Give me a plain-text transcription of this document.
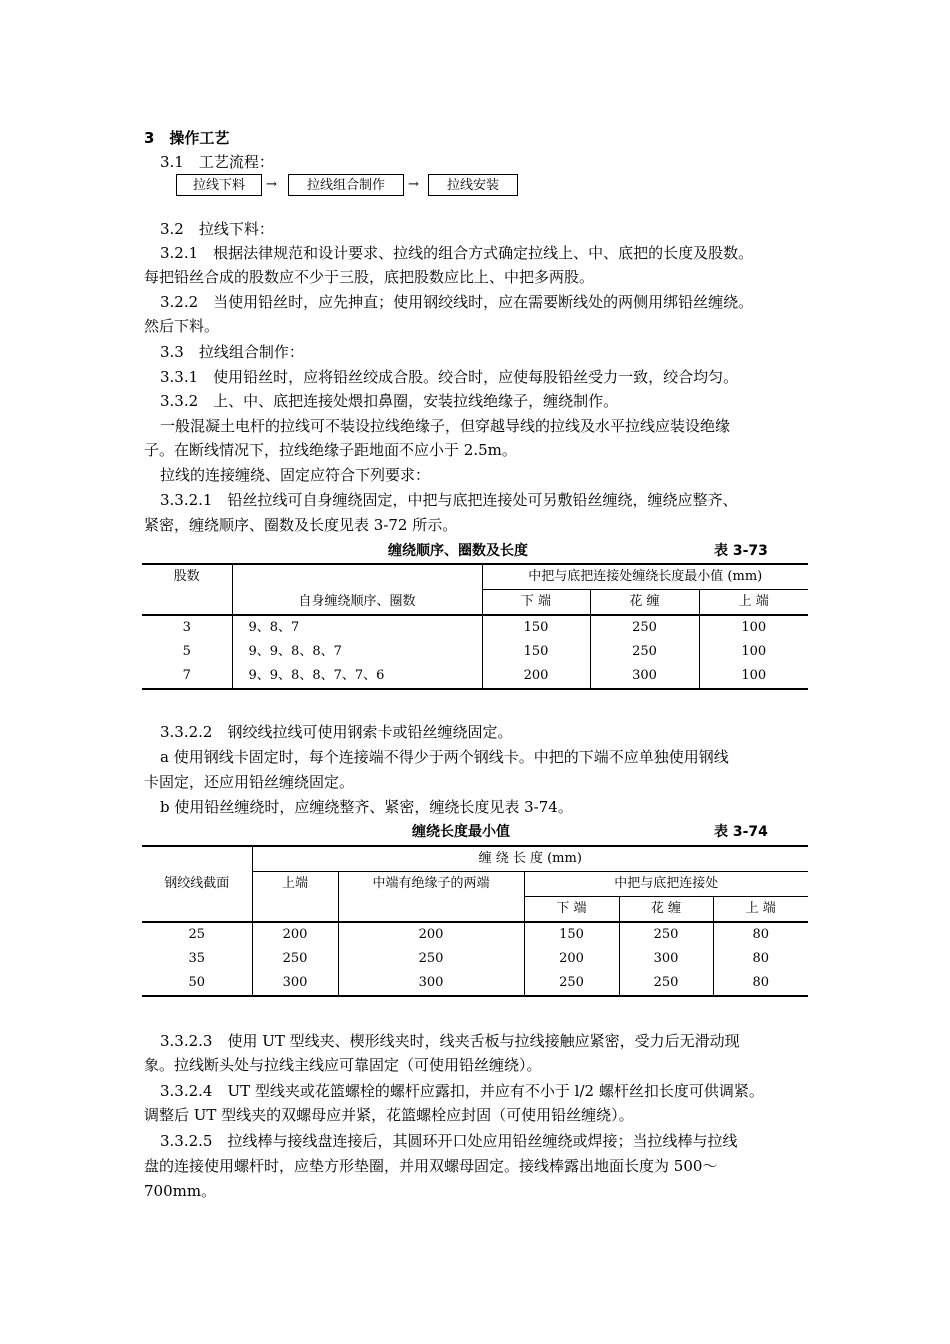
3　操作工艺
3.1　工艺流程：
拉线下料	→	拉线组合制作	→	拉线安装
3.2　拉线下料：
3.2.1　根据法律规范和设计要求、拉线的组合方式确定拉线上、中、底把的长度及股数。
每把铅丝合成的股数应不少于三股，底把股数应比上、中把多两股。
3.2.2　当使用铅丝时，应先抻直；使用钢绞线时，应在需要断线处的两侧用绑铅丝缠绕。
然后下料。
3.3　拉线组合制作：
3.3.1　使用铅丝时，应将铅丝绞成合股。绞合时，应使每股铅丝受力一致，绞合均匀。
3.3.2　上、中、底把连接处煨扣鼻圈，安装拉线绝缘子，缠绕制作。
一般混凝土电杆的拉线可不装设拉线绝缘子，但穿越导线的拉线及水平拉线应装设绝缘
子。在断线情况下，拉线绝缘子距地面不应小于 2.5m。
拉线的连接缠绕、固定应符合下列要求：
3.3.2.1　铅丝拉线可自身缠绕固定，中把与底把连接处可另敷铅丝缠绕，缠绕应整齐、
紧密，缠绕顺序、圈数及长度见表 3-72 所示。
缠绕顺序、圈数及长度	表 3-73
股数	自身缠绕顺序、圈数	中把与底把连接处缠绕长度最小值 (mm)		
		下 端	花 缠	上 端
3	9、8、7	150	250	100
5	9、9、8、8、7	150	250	100
7	9、9、8、8、7、7、6	200	300	100
3.3.2.2　钢绞线拉线可使用钢索卡或铅丝缠绕固定。
a 使用钢线卡固定时，每个连接端不得少于两个钢线卡。中把的下端不应单独使用钢线
卡固定，还应用铅丝缠绕固定。
b 使用铅丝缠绕时，应缠绕整齐、紧密，缠绕长度见表 3-74。
缠绕长度最小值	表 3-74
钢绞线截面	缠 绕 长 度 (mm)				
	上端	中端有绝缘子的两端	中把与底把连接处		
			下 端	花 缠	上 端
25	200	200	150	250	80
35	250	250	200	300	80
50	300	300	250	250	80
3.3.2.3　使用 UT 型线夹、楔形线夹时，线夹舌板与拉线接触应紧密，受力后无滑动现
象。拉线断头处与拉线主线应可靠固定（可使用铅丝缠绕）。
3.3.2.4　UT 型线夹或花篮螺栓的螺杆应露扣，并应有不小于 l/2 螺杆丝扣长度可供调紧。
调整后 UT 型线夹的双螺母应并紧，花篮螺栓应封固（可使用铅丝缠绕）。
3.3.2.5　拉线棒与接线盘连接后，其圆环开口处应用铅丝缠绕或焊接；当拉线棒与拉线
盘的连接使用螺杆时，应垫方形垫圈，并用双螺母固定。接线棒露出地面长度为 500～
700mm。
